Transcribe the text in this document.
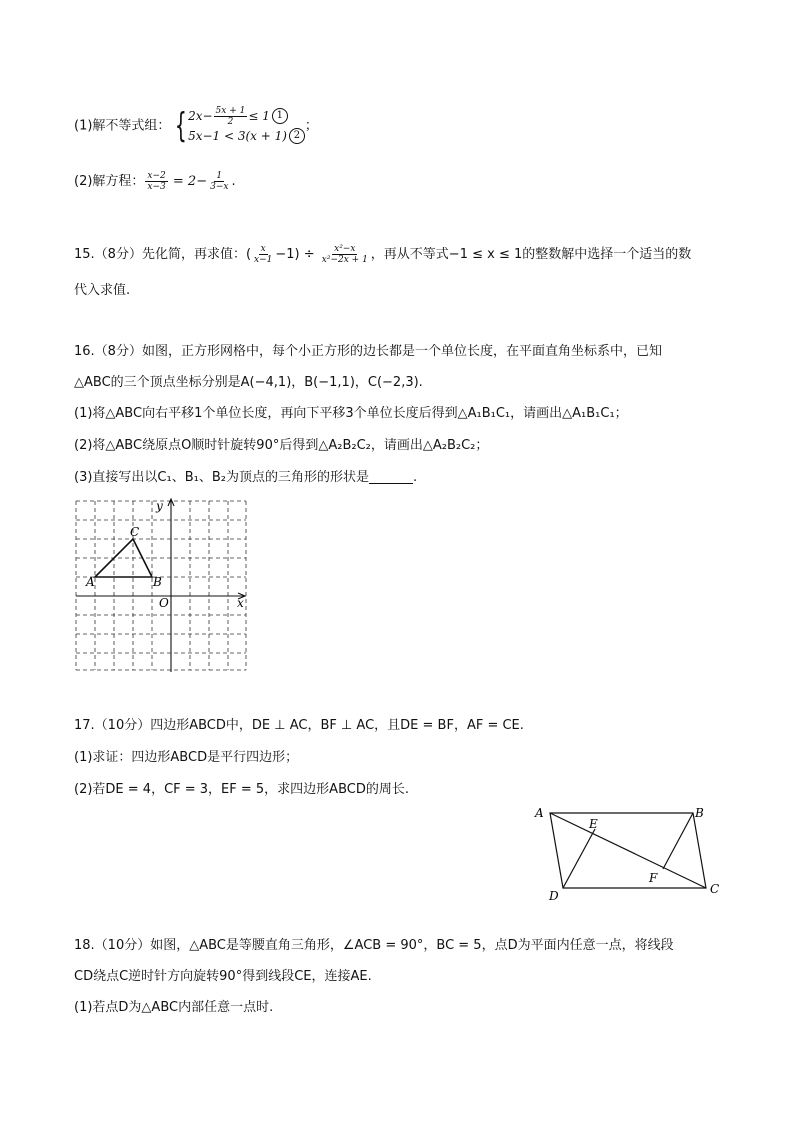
(1)解不等式组： { $2x- \frac{5x + 1}{2} \le 1$ 1
5x−1 < 3(x + 1) 2
；
(2)解方程： $\frac{x-2}{x-3} = 2- \frac{1}{3-x}$ .
15.（8分）先化简，再求值：( $\frac{x}{x-1} -1) \div \frac{\text{x²−x}}{\text{x²−2x + 1}}$ ，再从不等式−1 ≤ x ≤ 1的整数解中选择一个适当的数
代入求值.
16.（8分）如图，正方形网格中，每个小正方形的边长都是一个单位长度，在平面直角坐标系中，已知
△ABC的三个顶点坐标分别是A(−4,1)，B(−1,1)，C(−2,3).
(1)将△ABC向右平移1个单位长度，再向下平移3个单位长度后得到△A₁B₁C₁，请画出△A₁B₁C₁；
(2)将△ABC绕原点O顺时针旋转90°后得到△A₂B₂C₂，请画出△A₂B₂C₂；
(3)直接写出以C₁、B₁、B₂为顶点的三角形的形状是	.
A	B
C
O	x
y
17.（10分）四边形ABCD中，DE ⊥ AC，BF ⊥ AC，且DE = BF，AF = CE.
(1)求证：四边形ABCD是平行四边形；
(2)若DE = 4，CF = 3，EF = 5，求四边形ABCD的周长.
A	B
C
D
E
F
18.（10分）如图，△ABC是等腰直角三角形，∠ACB = 90°，BC = 5，点D为平面内任意一点，将线段
CD绕点C逆时针方向旋转90°得到线段CE，连接AE.
(1)若点D为△ABC内部任意一点时.
